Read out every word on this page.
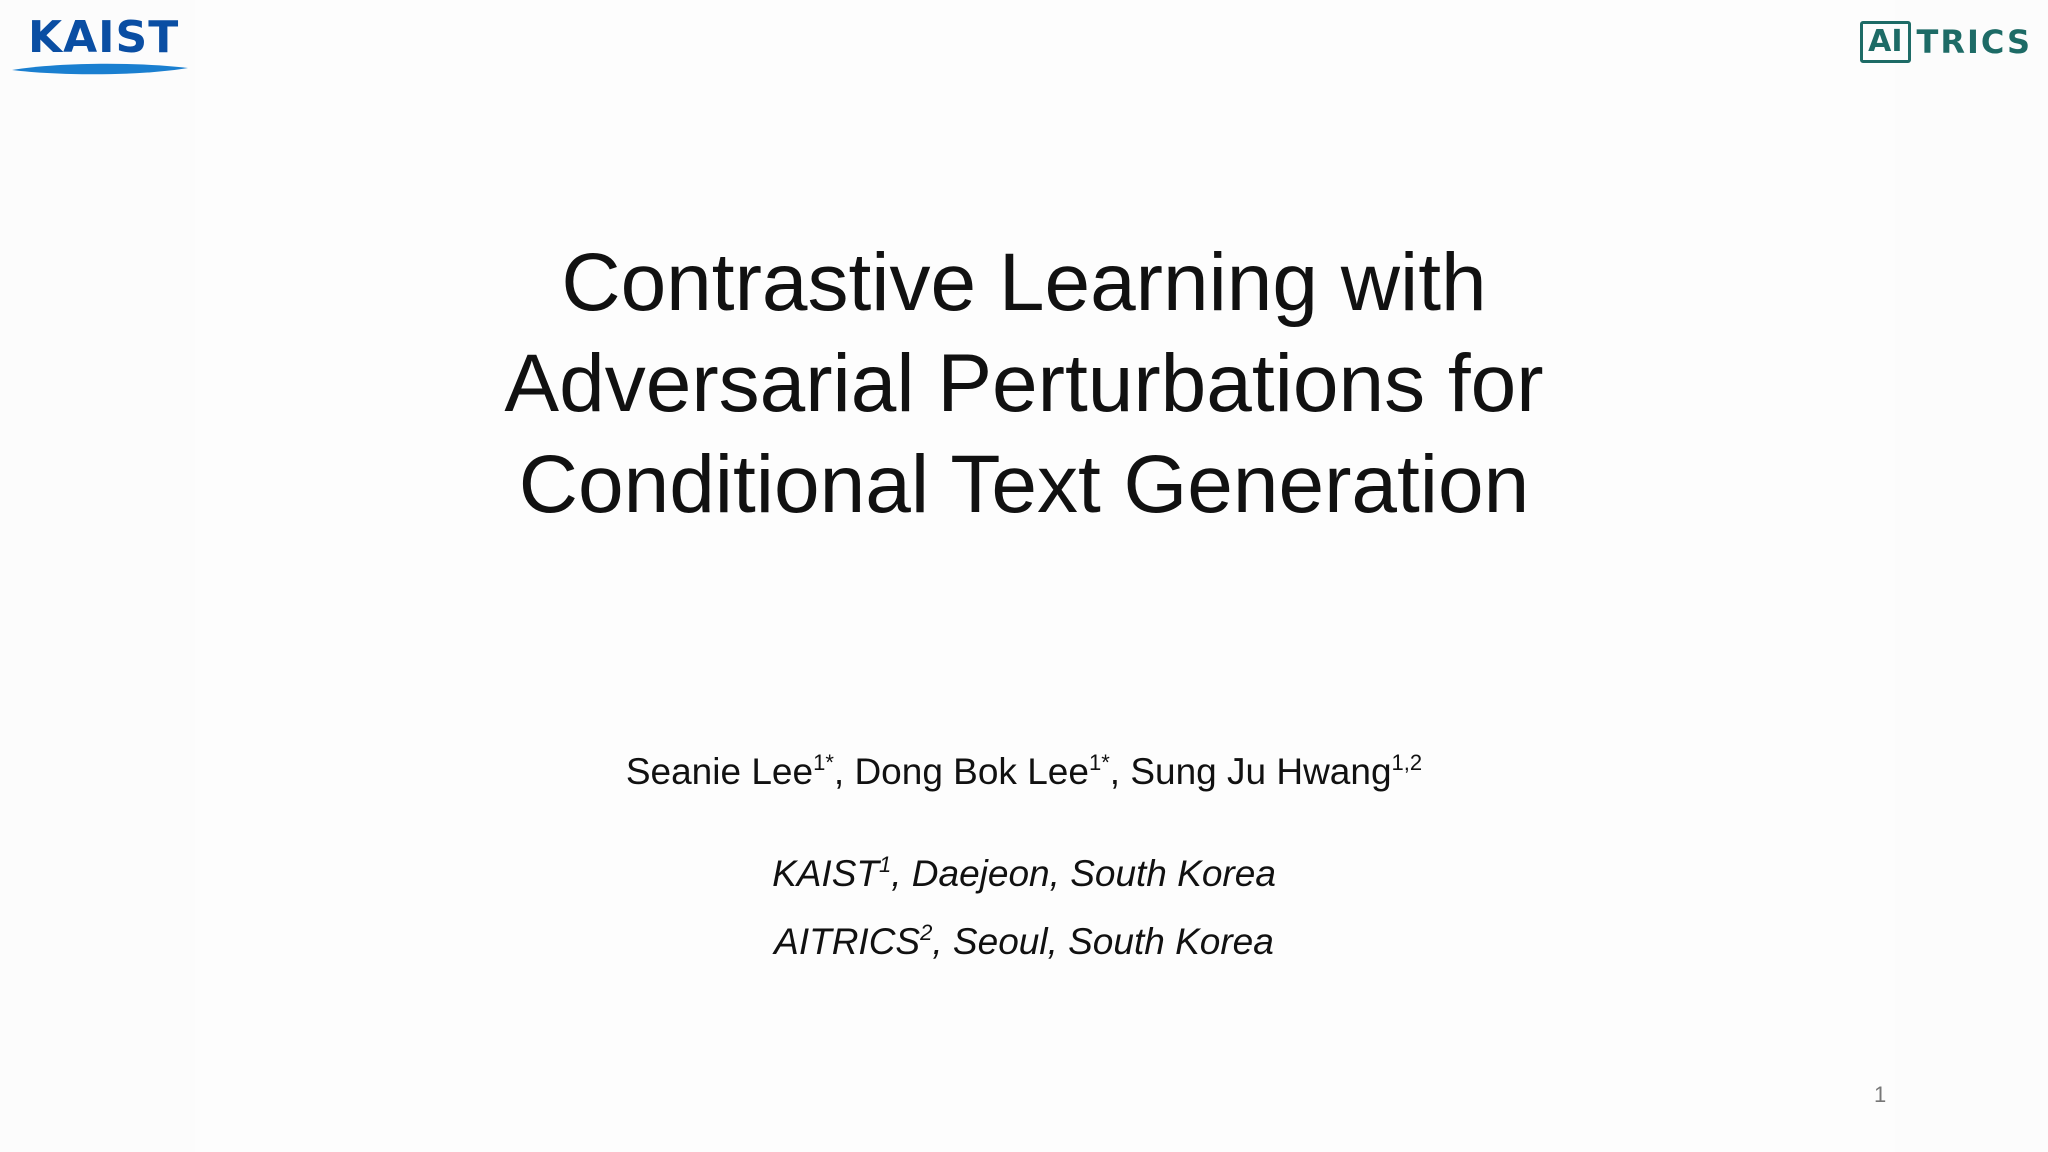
KAIST	AI TRICS
Contrastive Learning with
Adversarial Perturbations for
Conditional Text Generation
Seanie Lee$^{1*}$, Dong Bok Lee$^{1*}$, Sung Ju Hwang$^{1,2}$
KAIST$^1$, Daejeon, South Korea
AITRICS$^2$, Seoul, South Korea
1
